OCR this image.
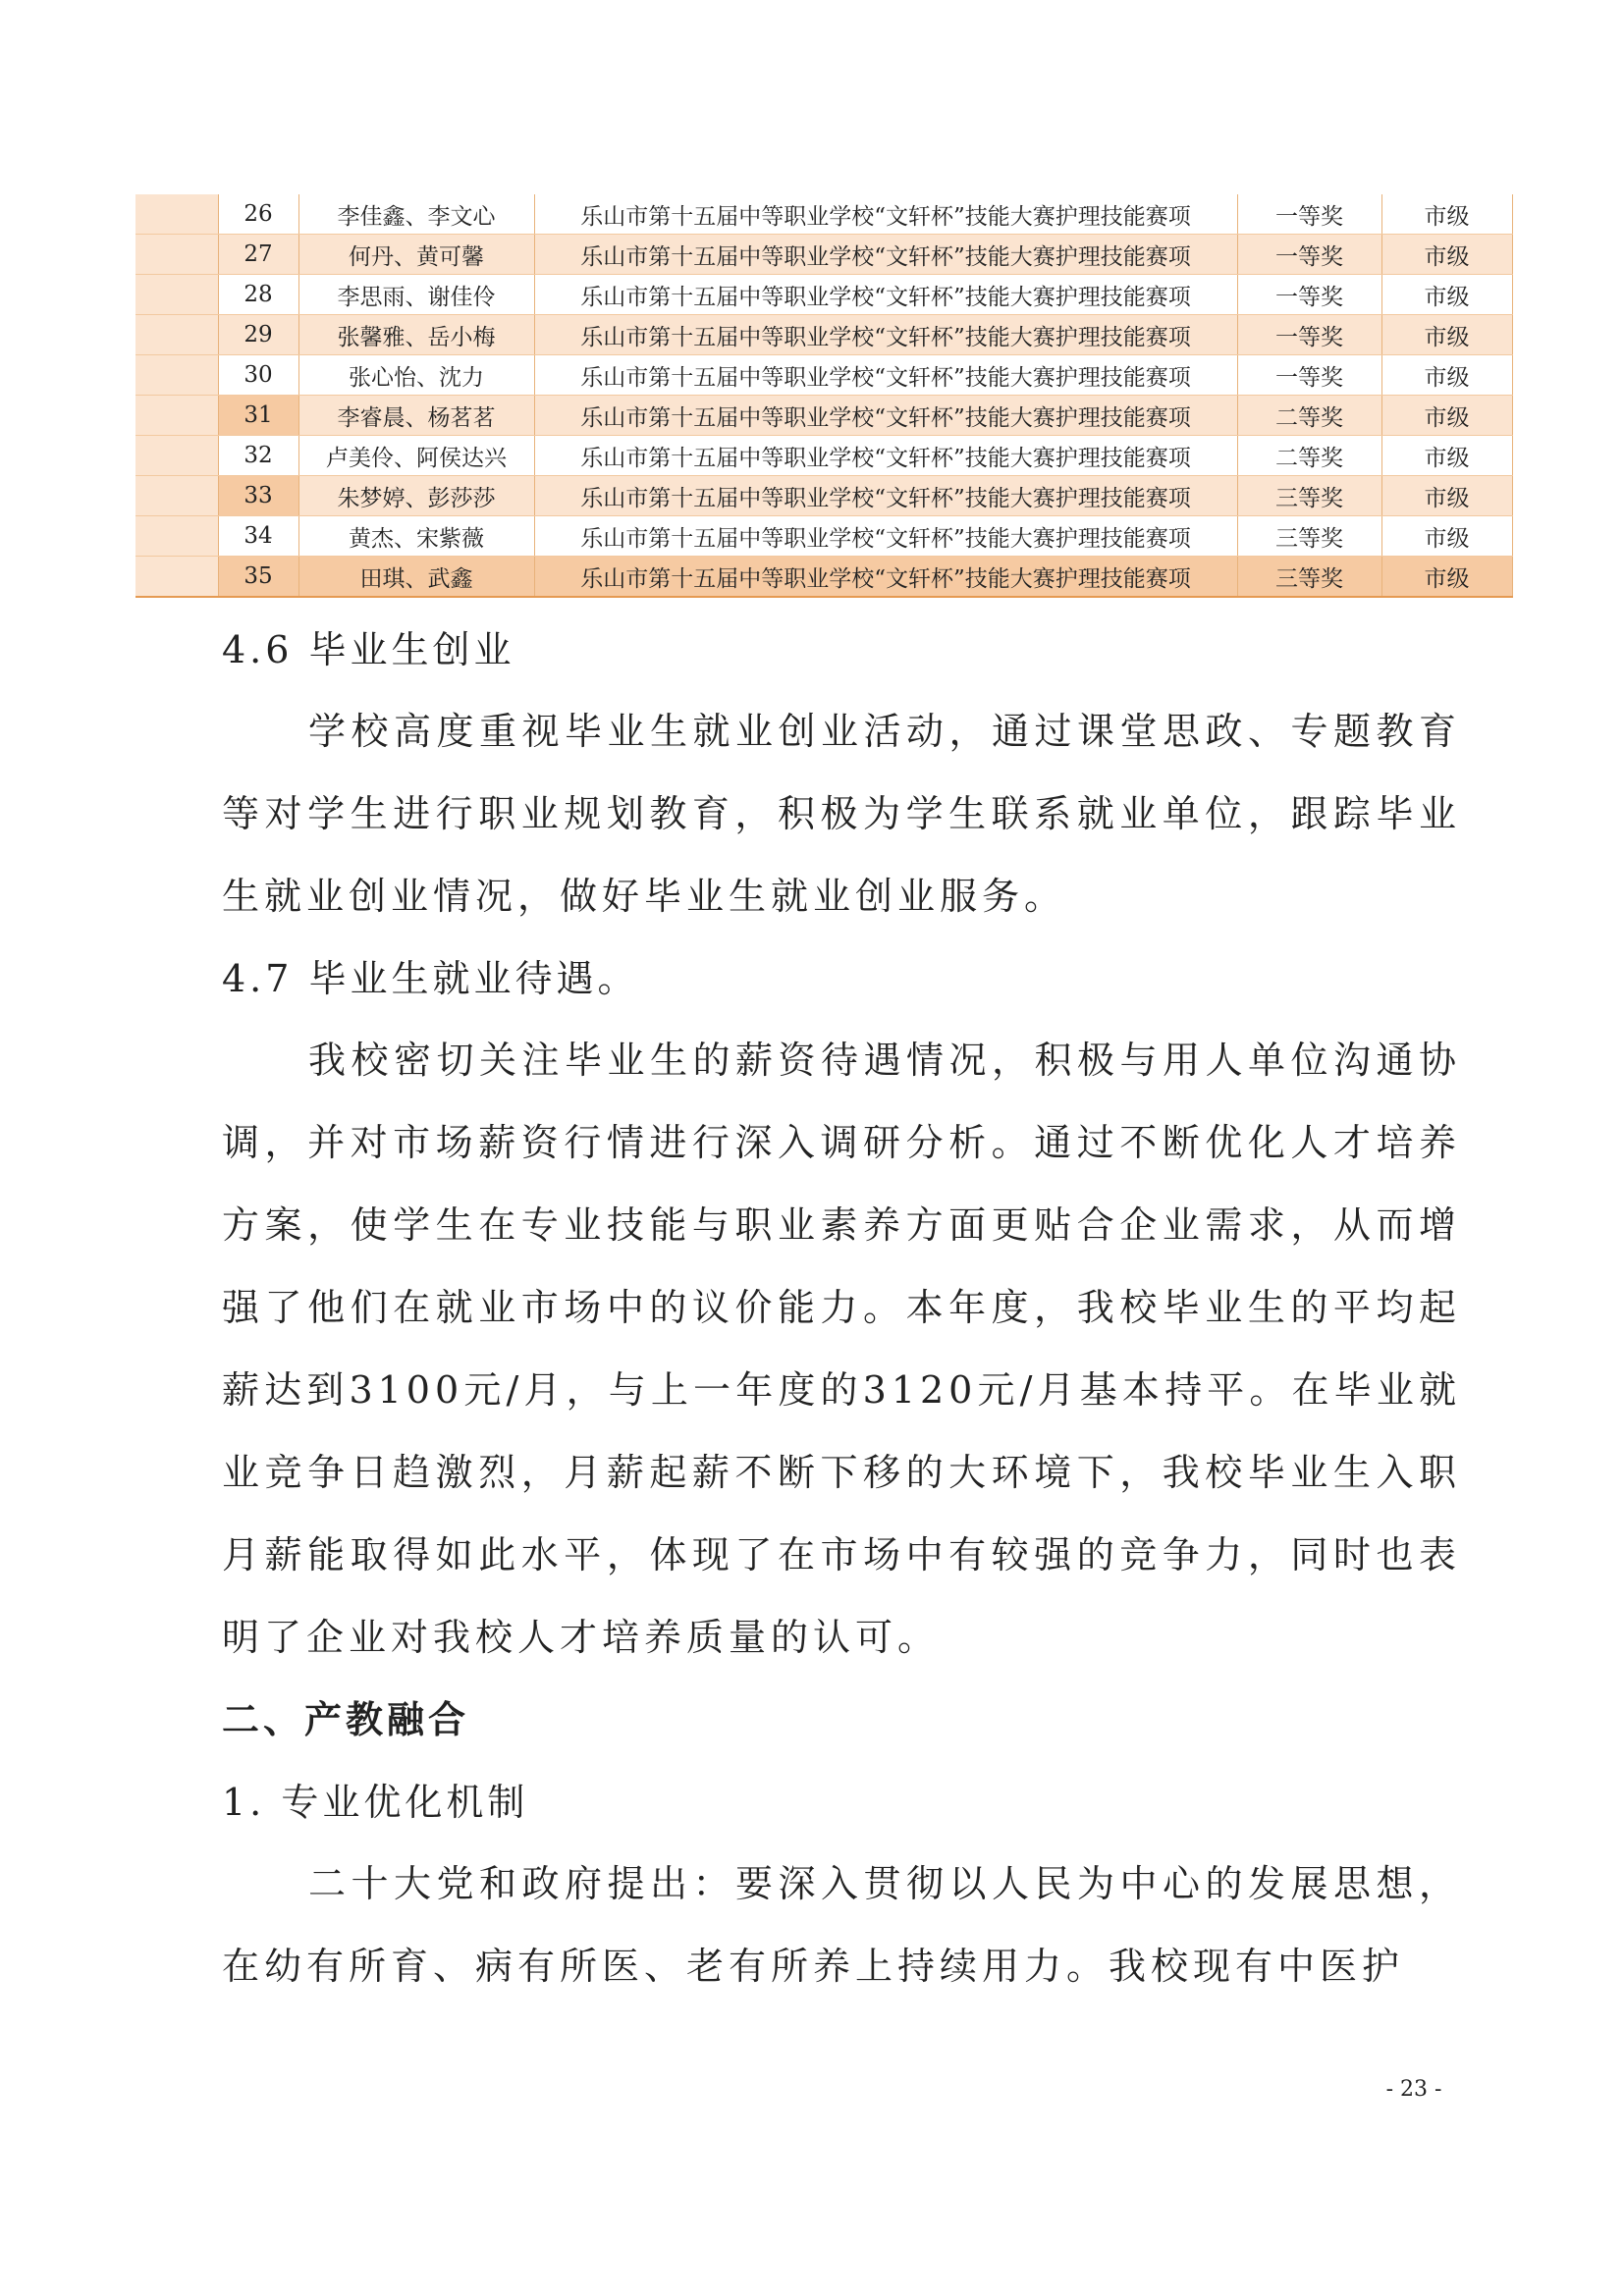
	26	李佳鑫、李文心	乐山市第十五届中等职业学校“文轩杯”技能大赛护理技能赛项	一等奖	市级
	27	何丹、黄可馨	乐山市第十五届中等职业学校“文轩杯”技能大赛护理技能赛项	一等奖	市级
	28	李思雨、谢佳伶	乐山市第十五届中等职业学校“文轩杯”技能大赛护理技能赛项	一等奖	市级
	29	张馨雅、岳小梅	乐山市第十五届中等职业学校“文轩杯”技能大赛护理技能赛项	一等奖	市级
	30	张心怡、沈力	乐山市第十五届中等职业学校“文轩杯”技能大赛护理技能赛项	一等奖	市级
	31	李睿晨、杨茗茗	乐山市第十五届中等职业学校“文轩杯”技能大赛护理技能赛项	二等奖	市级
	32	卢美伶、阿侯达兴	乐山市第十五届中等职业学校“文轩杯”技能大赛护理技能赛项	二等奖	市级
	33	朱梦婷、彭莎莎	乐山市第十五届中等职业学校“文轩杯”技能大赛护理技能赛项	三等奖	市级
	34	黄杰、宋紫薇	乐山市第十五届中等职业学校“文轩杯”技能大赛护理技能赛项	三等奖	市级
	35	田琪、武鑫	乐山市第十五届中等职业学校“文轩杯”技能大赛护理技能赛项	三等奖	市级
4.6 毕业生创业

学校高度重视毕业生就业创业活动，通过课堂思政、专题教育等对学生进行职业规划教育，积极为学生联系就业单位，跟踪毕业生就业创业情况，做好毕业生就业创业服务。

4.7 毕业生就业待遇。

我校密切关注毕业生的薪资待遇情况，积极与用人单位沟通协调，并对市场薪资行情进行深入调研分析。通过不断优化人才培养方案，使学生在专业技能与职业素养方面更贴合企业需求，从而增强了他们在就业市场中的议价能力。本年度，我校毕业生的平均起薪达到3100元/月，与上一年度的3120元/月基本持平。在毕业就业竞争日趋激烈，月薪起薪不断下移的大环境下，我校毕业生入职月薪能取得如此水平，体现了在市场中有较强的竞争力，同时也表明了企业对我校人才培养质量的认可。

二、产教融合
1. 专业优化机制

二十大党和政府提出：要深入贯彻以人民为中心的发展思想，在幼有所育、病有所医、老有所养上持续用力。我校现有中医护

- 23 -
